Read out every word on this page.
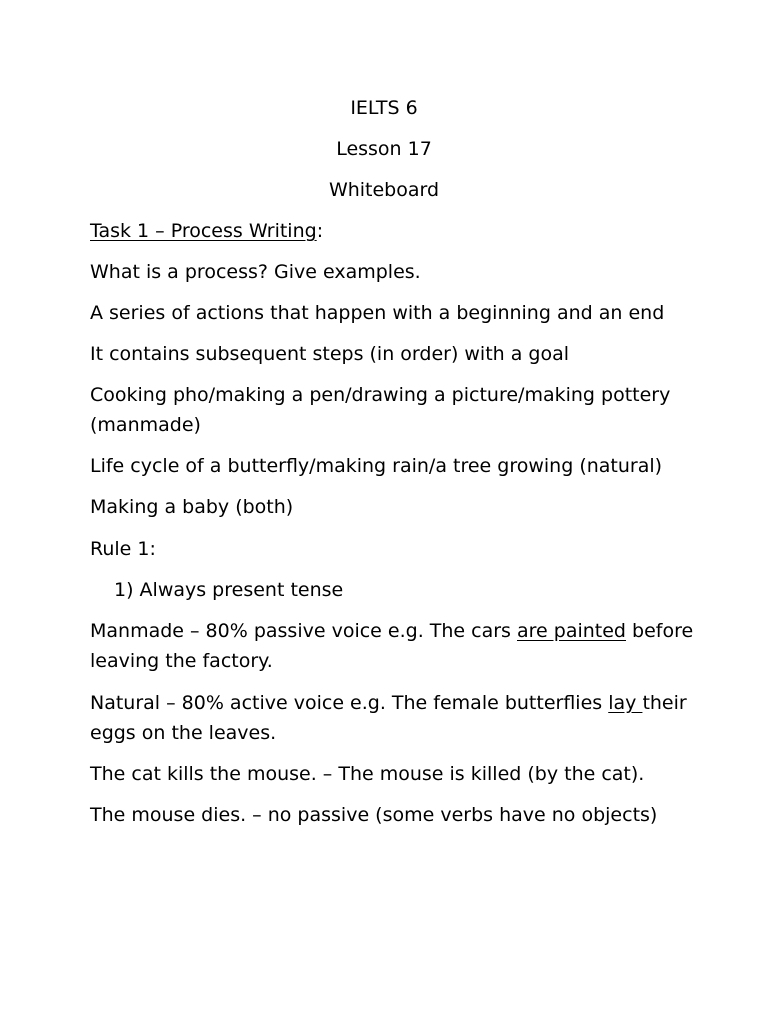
IELTS 6
Lesson 17
Whiteboard
Task 1 – Process Writing:
What is a process? Give examples.
A series of actions that happen with a beginning and an end
It contains subsequent steps (in order) with a goal
Cooking pho/making a pen/drawing a picture/making pottery
(manmade)
Life cycle of a butterfly/making rain/a tree growing (natural)
Making a baby (both)
Rule 1:
1) Always present tense
Manmade – 80% passive voice e.g. The cars are painted before
leaving the factory.
Natural – 80% active voice e.g. The female butterflies lay their
eggs on the leaves.
The cat kills the mouse. – The mouse is killed (by the cat).
The mouse dies. – no passive (some verbs have no objects)
